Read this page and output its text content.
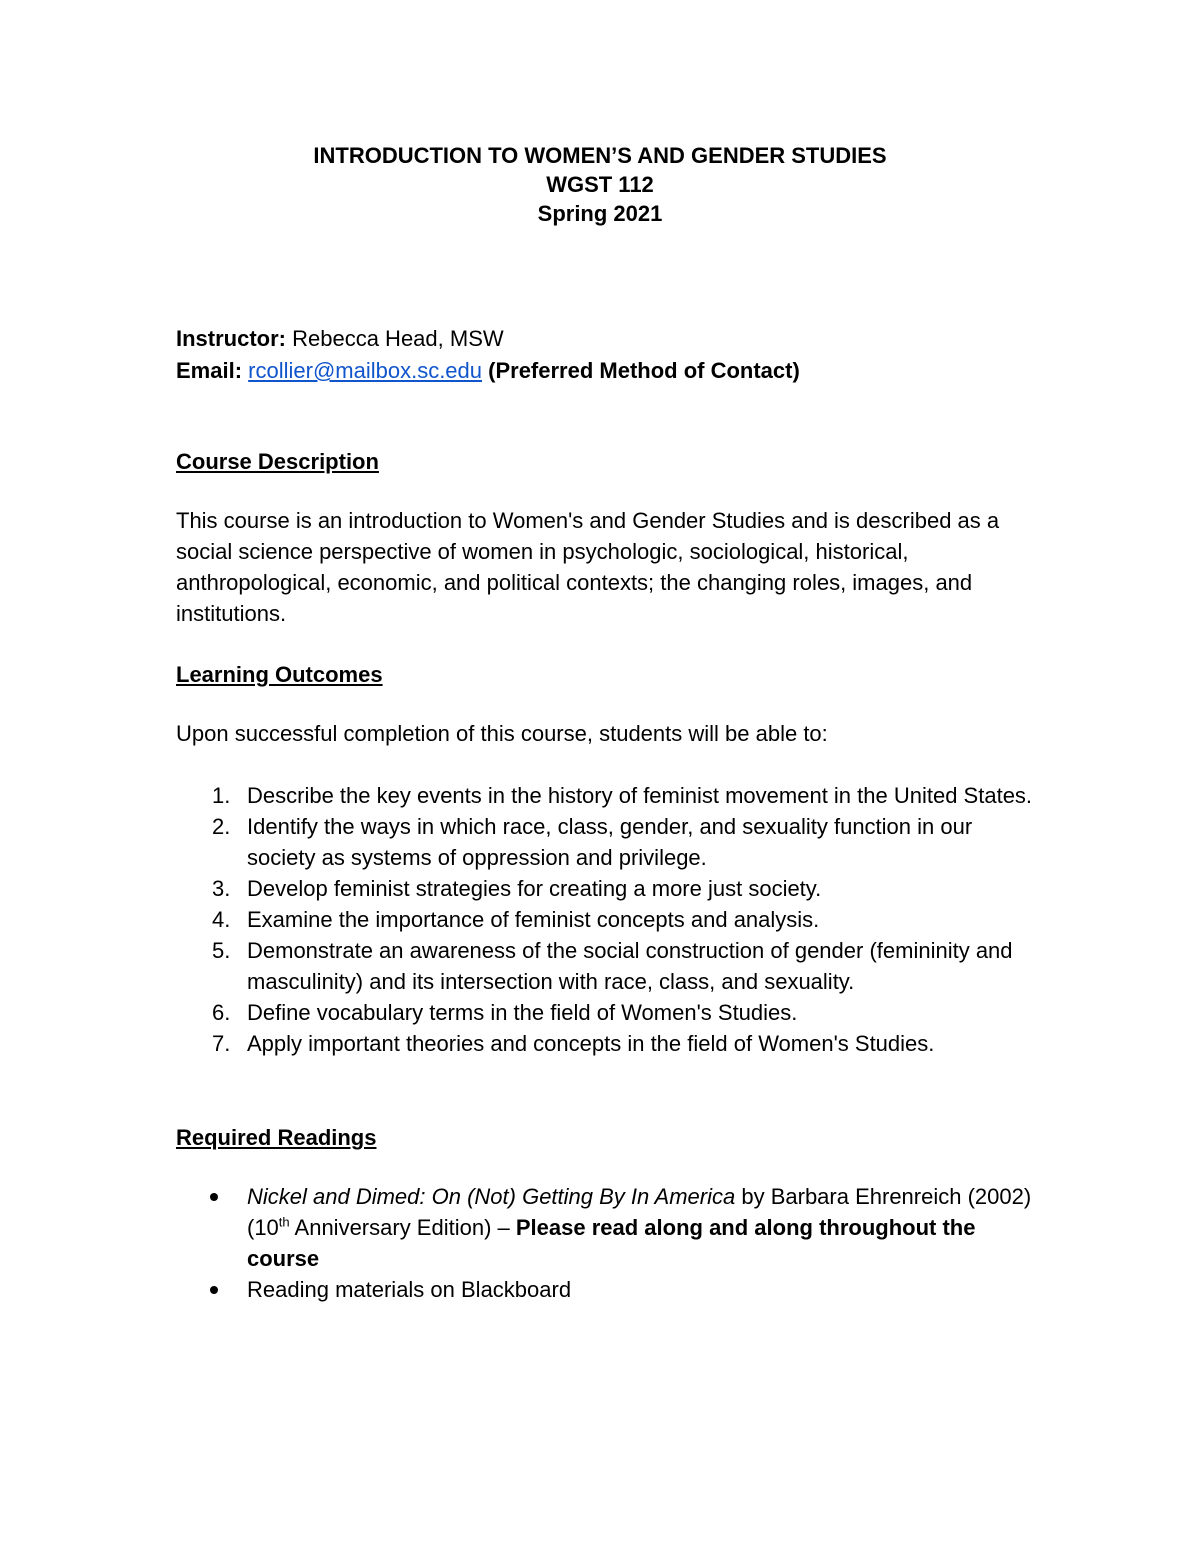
INTRODUCTION TO WOMEN’S AND GENDER STUDIES
WGST 112
Spring 2021
Instructor: Rebecca Head, MSW
Email: rcollier@mailbox.sc.edu (Preferred Method of Contact)
Course Description
This course is an introduction to Women's and Gender Studies and is described as a social science perspective of women in psychologic, sociological, historical, anthropological, economic, and political contexts; the changing roles, images, and institutions.
Learning Outcomes
Upon successful completion of this course, students will be able to:
1. Describe the key events in the history of feminist movement in the United States.
2. Identify the ways in which race, class, gender, and sexuality function in our society as systems of oppression and privilege.
3. Develop feminist strategies for creating a more just society.
4. Examine the importance of feminist concepts and analysis.
5. Demonstrate an awareness of the social construction of gender (femininity and masculinity) and its intersection with race, class, and sexuality.
6. Define vocabulary terms in the field of Women's Studies.
7. Apply important theories and concepts in the field of Women's Studies.
Required Readings
Nickel and Dimed: On (Not) Getting By In America by Barbara Ehrenreich (2002) (10th Anniversary Edition) – Please read along and along throughout the course
Reading materials on Blackboard
